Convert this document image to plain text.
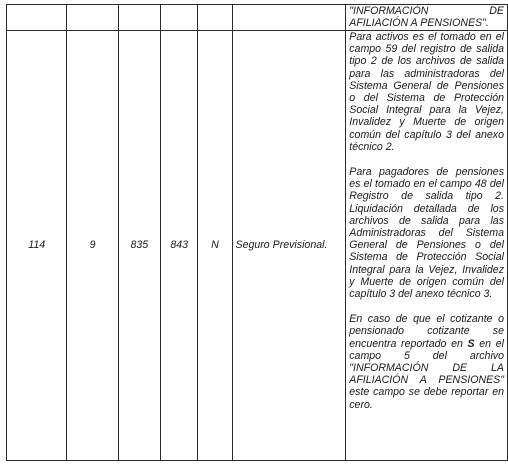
						"INFORMACIÓN DE AFILIACIÓN A PENSIONES".

114	9	835	843	N	Seguro Previsional.	Para activos es el tomado en el campo 59 del registro de salida tipo 2 de los archivos de salida para las administradoras del Sistema General de Pensiones o del Sistema de Protección Social Integral para la Vejez, Invalidez y Muerte de origen común del capítulo 3 del anexo técnico 2.

Para pagadores de pensiones es el tomado en el campo 48 del Registro de salida tipo 2. Liquidación detallada de los archivos de salida para las Administradoras del Sistema General de Pensiones o del Sistema de Protección Social Integral para la Vejez, Invalidez y Muerte de origen común del capítulo 3 del anexo técnico 3.

En caso de que el cotizante o pensionado cotizante se encuentra reportado en S en el campo 5 del archivo "INFORMACIÓN DE LA AFILIACIÓN A PENSIONES" este campo se debe reportar en cero.
